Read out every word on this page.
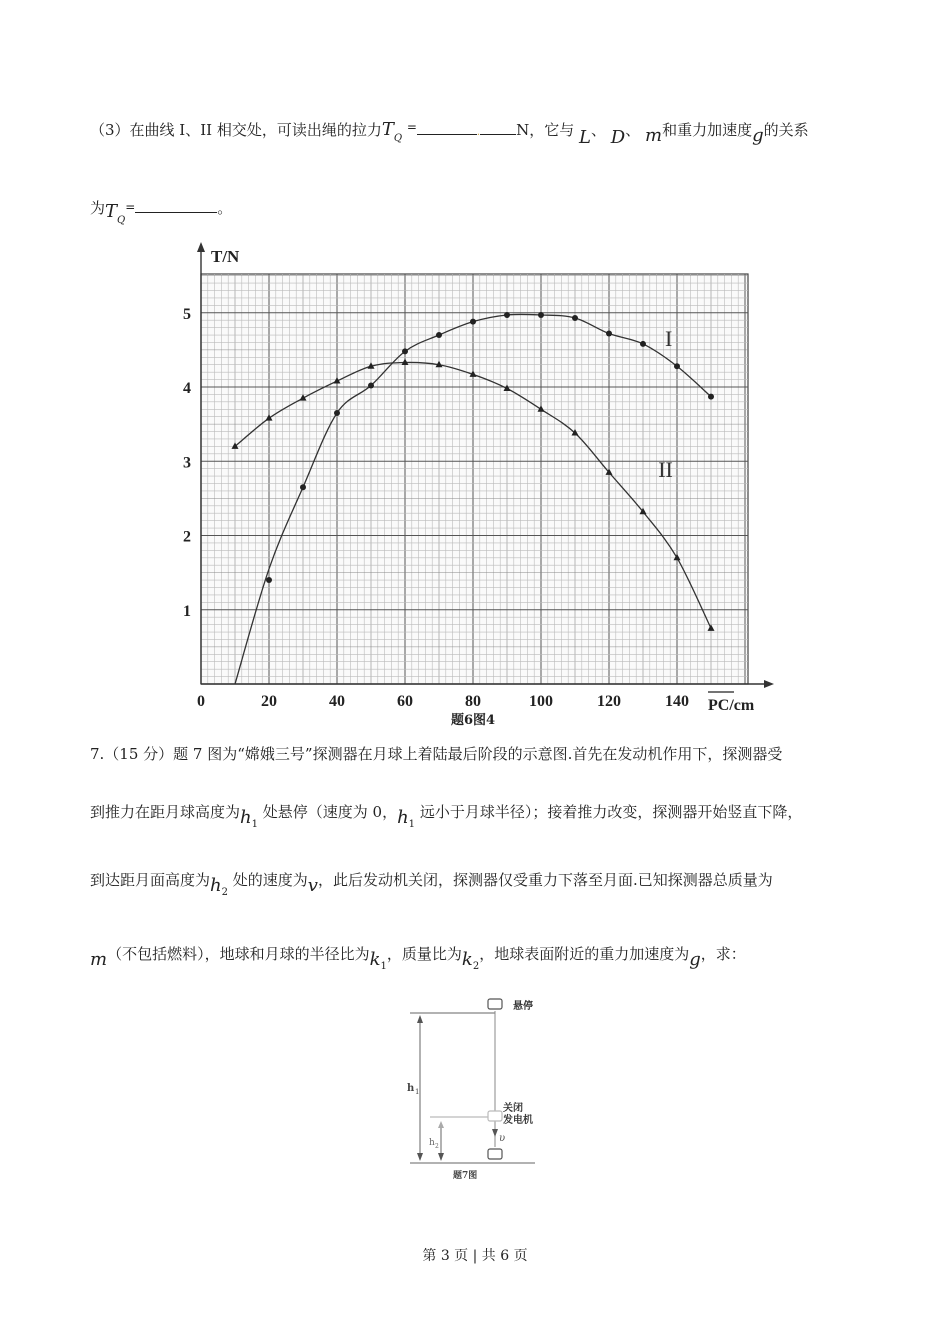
（3）在曲线 I、II 相交处，可读出绳的拉力$T_Q$ =	. N，它与 L、 D、 m和重力加速度g的关系
为$T_Q=$	。
T/N
1
2
3
4
5
0	20	40	60	80	100	120	140 PC/cm
题6图4
I
II
7.（15 分）题 7 图为“嫦娥三号”探测器在月球上着陆最后阶段的示意图.首先在发动机作用下，探测器受
到推力在距月球高度为$h_1$ 处悬停（速度为 0，$h_1$ 远小于月球半径）；接着推力改变，探测器开始竖直下降，
到达距月面高度为$h_2$ 处的速度为v，此后发动机关闭，探测器仅受重力下落至月面.已知探测器总质量为
m（不包括燃料），地球和月球的半径比为$k_1$，质量比为$k_2$，地球表面附近的重力加速度为g，求：
悬停
关闭
发电机
υ
h 1
h 2
题7图
第 3 页 | 共 6 页
